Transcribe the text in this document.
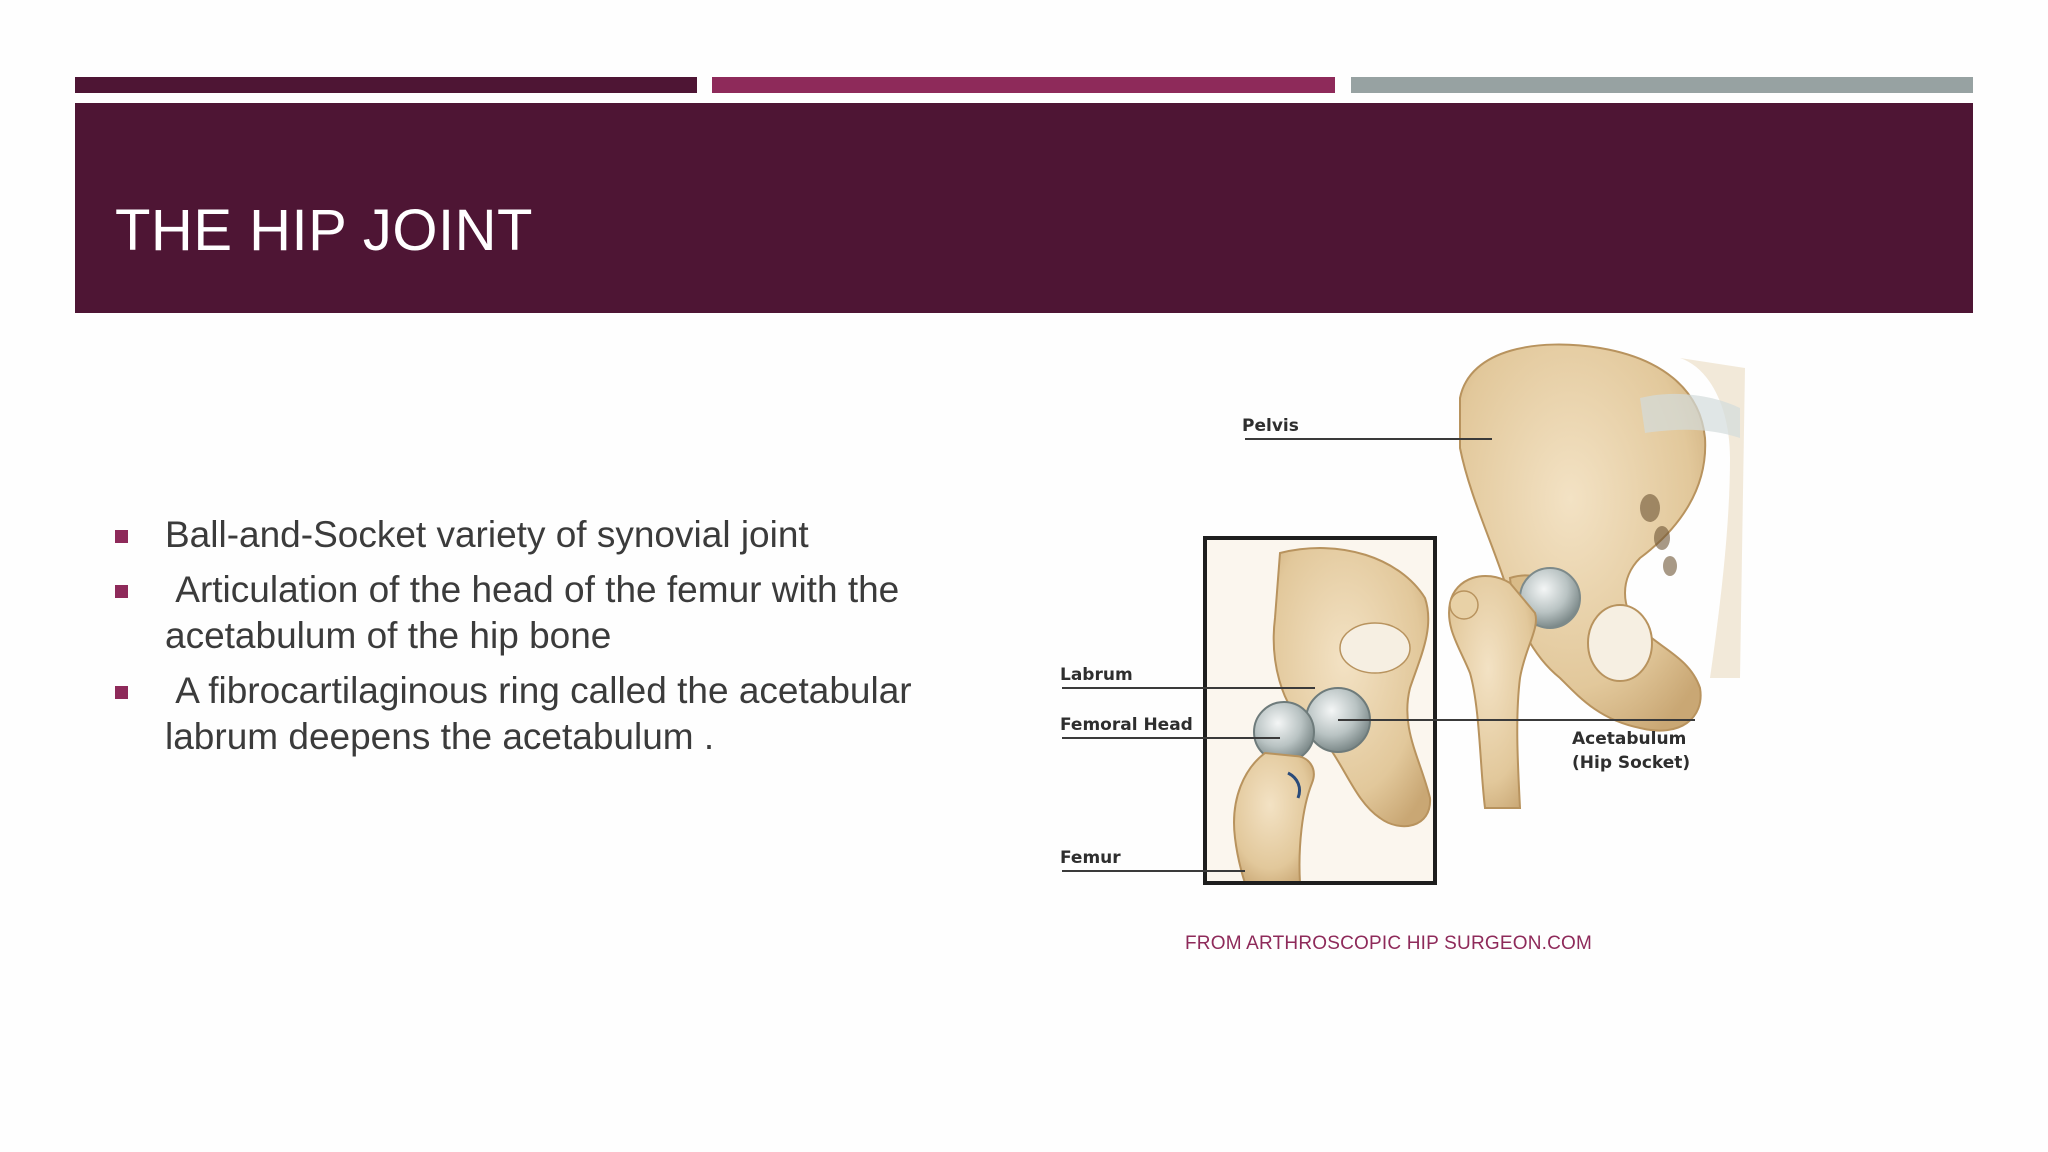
THE HIP JOINT
Ball-and-Socket variety of synovial joint
Articulation of the head of the femur with the acetabulum of the hip bone
A fibrocartilaginous ring called the acetabular labrum deepens the acetabulum .
Pelvis
Labrum
Femoral Head
Femur
Acetabulum
(Hip Socket)
FROM ARTHROSCOPIC HIP SURGEON.COM
